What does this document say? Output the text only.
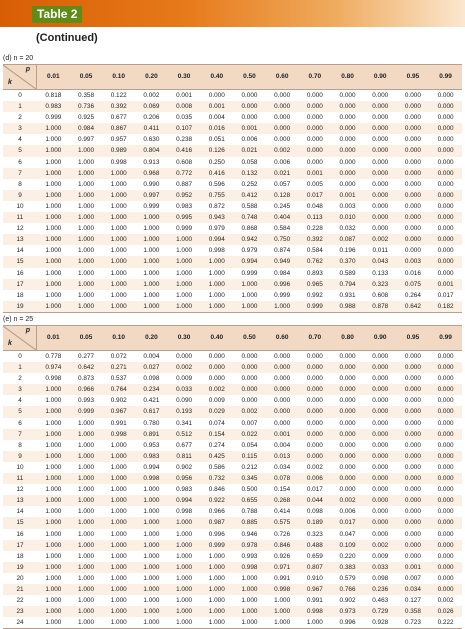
Table 2
(Continued)
(d) n = 20
p
k
0.01	0.05	0.10	0.20	0.30	0.40	0.50	0.60	0.70	0.80	0.90	0.95	0.99
0	0.818	0.358	0.122	0.002	0.001	0.000	0.000	0.000	0.000	0.000	0.000	0.000	0.000
1	0.983	0.736	0.392	0.069	0.008	0.001	0.000	0.000	0.000	0.000	0.000	0.000	0.000
2	0.999	0.925	0.677	0.206	0.035	0.004	0.000	0.000	0.000	0.000	0.000	0.000	0.000
3	1.000	0.984	0.867	0.411	0.107	0.016	0.001	0.000	0.000	0.000	0.000	0.000	0.000
4	1.000	0.997	0.957	0.630	0.238	0.051	0.006	0.000	0.000	0.000	0.000	0.000	0.000
5	1.000	1.000	0.989	0.804	0.416	0.126	0.021	0.002	0.000	0.000	0.000	0.000	0.000
6	1.000	1.000	0.998	0.913	0.608	0.250	0.058	0.006	0.000	0.000	0.000	0.000	0.000
7	1.000	1.000	1.000	0.968	0.772	0.416	0.132	0.021	0.001	0.000	0.000	0.000	0.000
8	1.000	1.000	1.000	0.990	0.887	0.596	0.252	0.057	0.005	0.000	0.000	0.000	0.000
9	1.000	1.000	1.000	0.997	0.952	0.755	0.412	0.128	0.017	0.001	0.000	0.000	0.000
10	1.000	1.000	1.000	0.999	0.983	0.872	0.588	0.245	0.048	0.003	0.000	0.000	0.000
11	1.000	1.000	1.000	1.000	0.995	0.943	0.748	0.404	0.113	0.010	0.000	0.000	0.000
12	1.000	1.000	1.000	1.000	0.999	0.979	0.868	0.584	0.228	0.032	0.000	0.000	0.000
13	1.000	1.000	1.000	1.000	1.000	0.994	0.942	0.750	0.392	0.087	0.002	0.000	0.000
14	1.000	1.000	1.000	1.000	1.000	0.998	0.979	0.874	0.584	0.196	0.011	0.000	0.000
15	1.000	1.000	1.000	1.000	1.000	1.000	0.994	0.949	0.762	0.370	0.043	0.003	0.000
16	1.000	1.000	1.000	1.000	1.000	1.000	0.999	0.984	0.893	0.589	0.133	0.016	0.000
17	1.000	1.000	1.000	1.000	1.000	1.000	1.000	0.996	0.965	0.794	0.323	0.075	0.001
18	1.000	1.000	1.000	1.000	1.000	1.000	1.000	0.999	0.992	0.931	0.608	0.264	0.017
19	1.000	1.000	1.000	1.000	1.000	1.000	1.000	1.000	0.999	0.988	0.878	0.642	0.182
(e) n = 25
p
k
0.01	0.05	0.10	0.20	0.30	0.40	0.50	0.60	0.70	0.80	0.90	0.95	0.99
0	0.778	0.277	0.072	0.004	0.000	0.000	0.000	0.000	0.000	0.000	0.000	0.000	0.000
1	0.974	0.642	0.271	0.027	0.002	0.000	0.000	0.000	0.000	0.000	0.000	0.000	0.000
2	0.998	0.873	0.537	0.098	0.009	0.000	0.000	0.000	0.000	0.000	0.000	0.000	0.000
3	1.000	0.966	0.764	0.234	0.033	0.002	0.000	0.000	0.000	0.000	0.000	0.000	0.000
4	1.000	0.993	0.902	0.421	0.090	0.009	0.000	0.000	0.000	0.000	0.000	0.000	0.000
5	1.000	0.999	0.967	0.617	0.193	0.029	0.002	0.000	0.000	0.000	0.000	0.000	0.000
6	1.000	1.000	0.991	0.780	0.341	0.074	0.007	0.000	0.000	0.000	0.000	0.000	0.000
7	1.000	1.000	0.998	0.891	0.512	0.154	0.022	0.001	0.000	0.000	0.000	0.000	0.000
8	1.000	1.000	1.000	0.953	0.677	0.274	0.054	0.004	0.000	0.000	0.000	0.000	0.000
9	1.000	1.000	1.000	0.983	0.811	0.425	0.115	0.013	0.000	0.000	0.000	0.000	0.000
10	1.000	1.000	1.000	0.994	0.902	0.586	0.212	0.034	0.002	0.000	0.000	0.000	0.000
11	1.000	1.000	1.000	0.998	0.956	0.732	0.345	0.078	0.006	0.000	0.000	0.000	0.000
12	1.000	1.000	1.000	1.000	0.983	0.846	0.500	0.154	0.017	0.000	0.000	0.000	0.000
13	1.000	1.000	1.000	1.000	0.994	0.922	0.655	0.268	0.044	0.002	0.000	0.000	0.000
14	1.000	1.000	1.000	1.000	0.998	0.966	0.788	0.414	0.098	0.006	0.000	0.000	0.000
15	1.000	1.000	1.000	1.000	1.000	0.987	0.885	0.575	0.189	0.017	0.000	0.000	0.000
16	1.000	1.000	1.000	1.000	1.000	0.996	0.946	0.726	0.323	0.047	0.000	0.000	0.000
17	1.000	1.000	1.000	1.000	1.000	0.999	0.978	0.846	0.488	0.109	0.002	0.000	0.000
18	1.000	1.000	1.000	1.000	1.000	1.000	0.993	0.926	0.659	0.220	0.009	0.000	0.000
19	1.000	1.000	1.000	1.000	1.000	1.000	0.998	0.971	0.807	0.383	0.033	0.001	0.000
20	1.000	1.000	1.000	1.000	1.000	1.000	1.000	0.991	0.910	0.579	0.098	0.007	0.000
21	1.000	1.000	1.000	1.000	1.000	1.000	1.000	0.998	0.967	0.766	0.236	0.034	0.000
22	1.000	1.000	1.000	1.000	1.000	1.000	1.000	1.000	0.991	0.902	0.463	0.127	0.002
23	1.000	1.000	1.000	1.000	1.000	1.000	1.000	1.000	0.998	0.973	0.729	0.358	0.026
24	1.000	1.000	1.000	1.000	1.000	1.000	1.000	1.000	1.000	0.996	0.928	0.723	0.222
